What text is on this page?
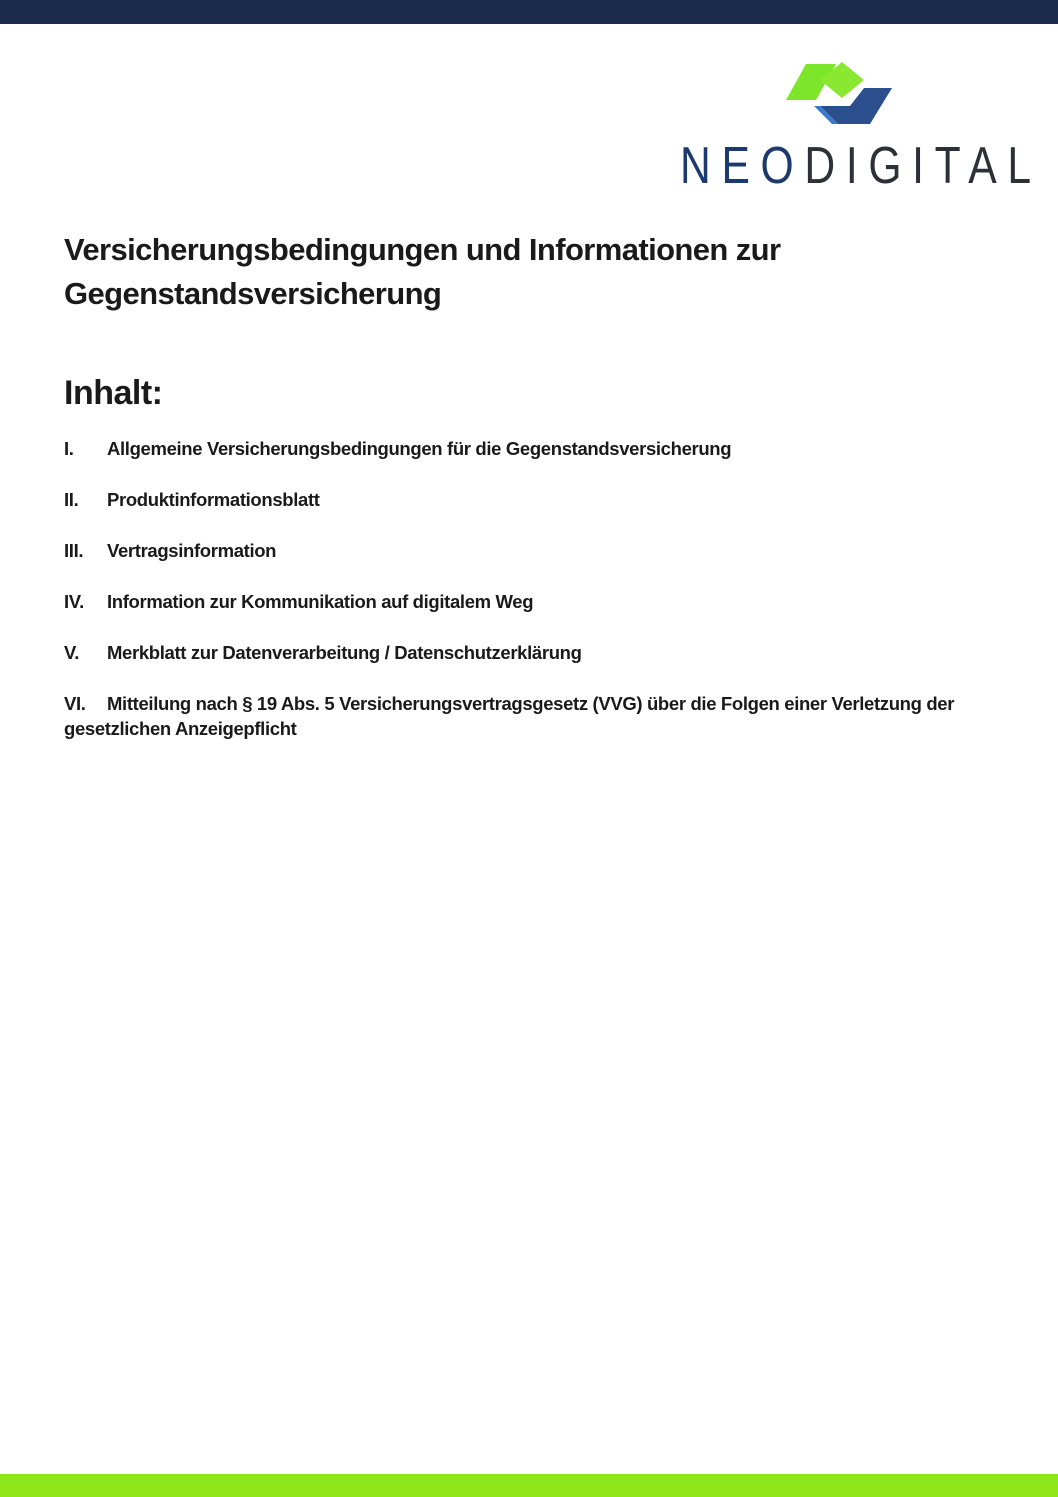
NEODIGITAL
Versicherungsbedingungen und Informationen zur Gegenstandsversicherung
Inhalt:
I. Allgemeine Versicherungsbedingungen für die Gegenstandsversicherung
II. Produktinformationsblatt
III. Vertragsinformation
IV. Information zur Kommunikation auf digitalem Weg
V. Merkblatt zur Datenverarbeitung / Datenschutzerklärung
VI. Mitteilung nach § 19 Abs. 5 Versicherungsvertragsgesetz (VVG) über die Folgen einer Verletzung der gesetzlichen Anzeigepflicht
